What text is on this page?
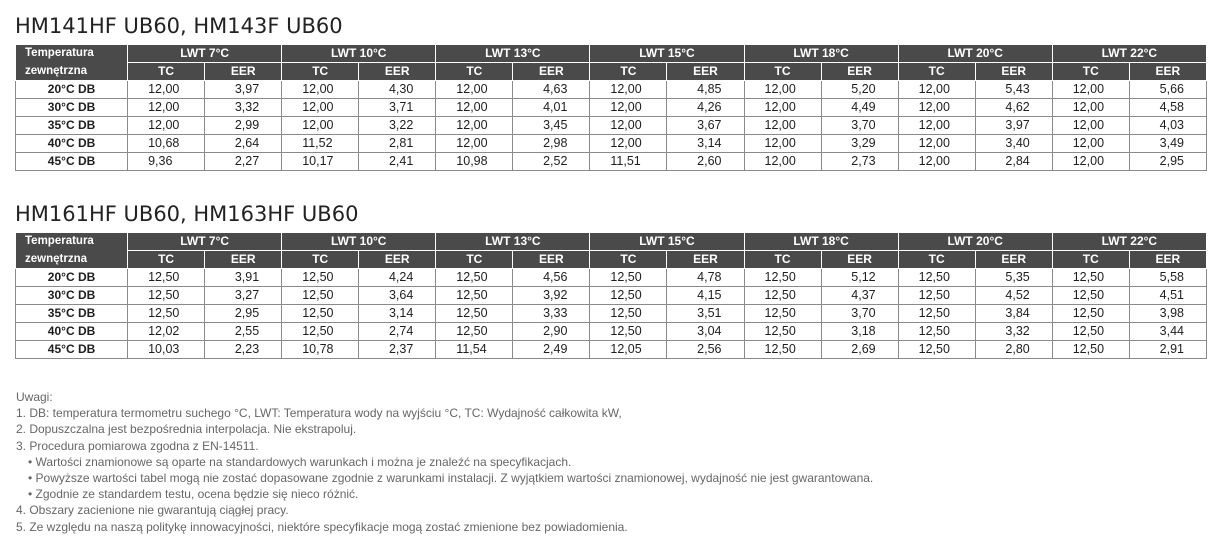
HM141HF UB60, HM143F UB60
Temperatura	LWT 7°C		LWT 10°C		LWT 13°C		LWT 15°C		LWT 18°C		LWT 20°C		LWT 22°C	
zewnętrzna	TC	EER	TC	EER	TC	EER	TC	EER	TC	EER	TC	EER	TC	EER
20°C DB	12,00	3,97	12,00	4,30	12,00	4,63	12,00	4,85	12,00	5,20	12,00	5,43	12,00	5,66
30°C DB	12,00	3,32	12,00	3,71	12,00	4,01	12,00	4,26	12,00	4,49	12,00	4,62	12,00	4,58
35°C DB	12,00	2,99	12,00	3,22	12,00	3,45	12,00	3,67	12,00	3,70	12,00	3,97	12,00	4,03
40°C DB	10,68	2,64	11,52	2,81	12,00	2,98	12,00	3,14	12,00	3,29	12,00	3,40	12,00	3,49
45°C DB	9,36	2,27	10,17	2,41	10,98	2,52	11,51	2,60	12,00	2,73	12,00	2,84	12,00	2,95
HM161HF UB60, HM163HF UB60
Temperatura	LWT 7°C		LWT 10°C		LWT 13°C		LWT 15°C		LWT 18°C		LWT 20°C		LWT 22°C	
zewnętrzna	TC	EER	TC	EER	TC	EER	TC	EER	TC	EER	TC	EER	TC	EER
20°C DB	12,50	3,91	12,50	4,24	12,50	4,56	12,50	4,78	12,50	5,12	12,50	5,35	12,50	5,58
30°C DB	12,50	3,27	12,50	3,64	12,50	3,92	12,50	4,15	12,50	4,37	12,50	4,52	12,50	4,51
35°C DB	12,50	2,95	12,50	3,14	12,50	3,33	12,50	3,51	12,50	3,70	12,50	3,84	12,50	3,98
40°C DB	12,02	2,55	12,50	2,74	12,50	2,90	12,50	3,04	12,50	3,18	12,50	3,32	12,50	3,44
45°C DB	10,03	2,23	10,78	2,37	11,54	2,49	12,05	2,56	12,50	2,69	12,50	2,80	12,50	2,91
Uwagi:
1. DB: temperatura termometru suchego °C, LWT: Temperatura wody na wyjściu °C, TC: Wydajność całkowita kW,
2. Dopuszczalna jest bezpośrednia interpolacja. Nie ekstrapoluj.
3. Procedura pomiarowa zgodna z EN-14511.
• Wartości znamionowe są oparte na standardowych warunkach i można je znaleźć na specyfikacjach.
• Powyższe wartości tabel mogą nie zostać dopasowane zgodnie z warunkami instalacji. Z wyjątkiem wartości znamionowej, wydajność nie jest gwarantowana.
• Zgodnie ze standardem testu, ocena będzie się nieco różnić.
4. Obszary zacienione nie gwarantują ciągłej pracy.
5. Ze względu na naszą politykę innowacyjności, niektóre specyfikacje mogą zostać zmienione bez powiadomienia.
